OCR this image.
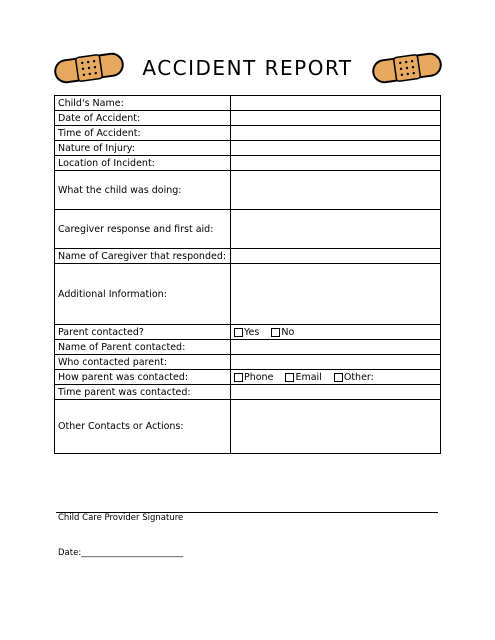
ACCIDENT REPORT
Child's Name:	
Date of Accident:	
Time of Accident:	
Nature of Injury:	
Location of Incident:	
What the child was doing:	
Caregiver response and first aid:	
Name of Caregiver that responded:	
Additional Information:	
Parent contacted?	Yes No
Name of Parent contacted:	
Who contacted parent:	
How parent was contacted:	Phone Email Other:
Time parent was contacted:	
Other Contacts or Actions:	
Child Care Provider Signature
Date:________________________
